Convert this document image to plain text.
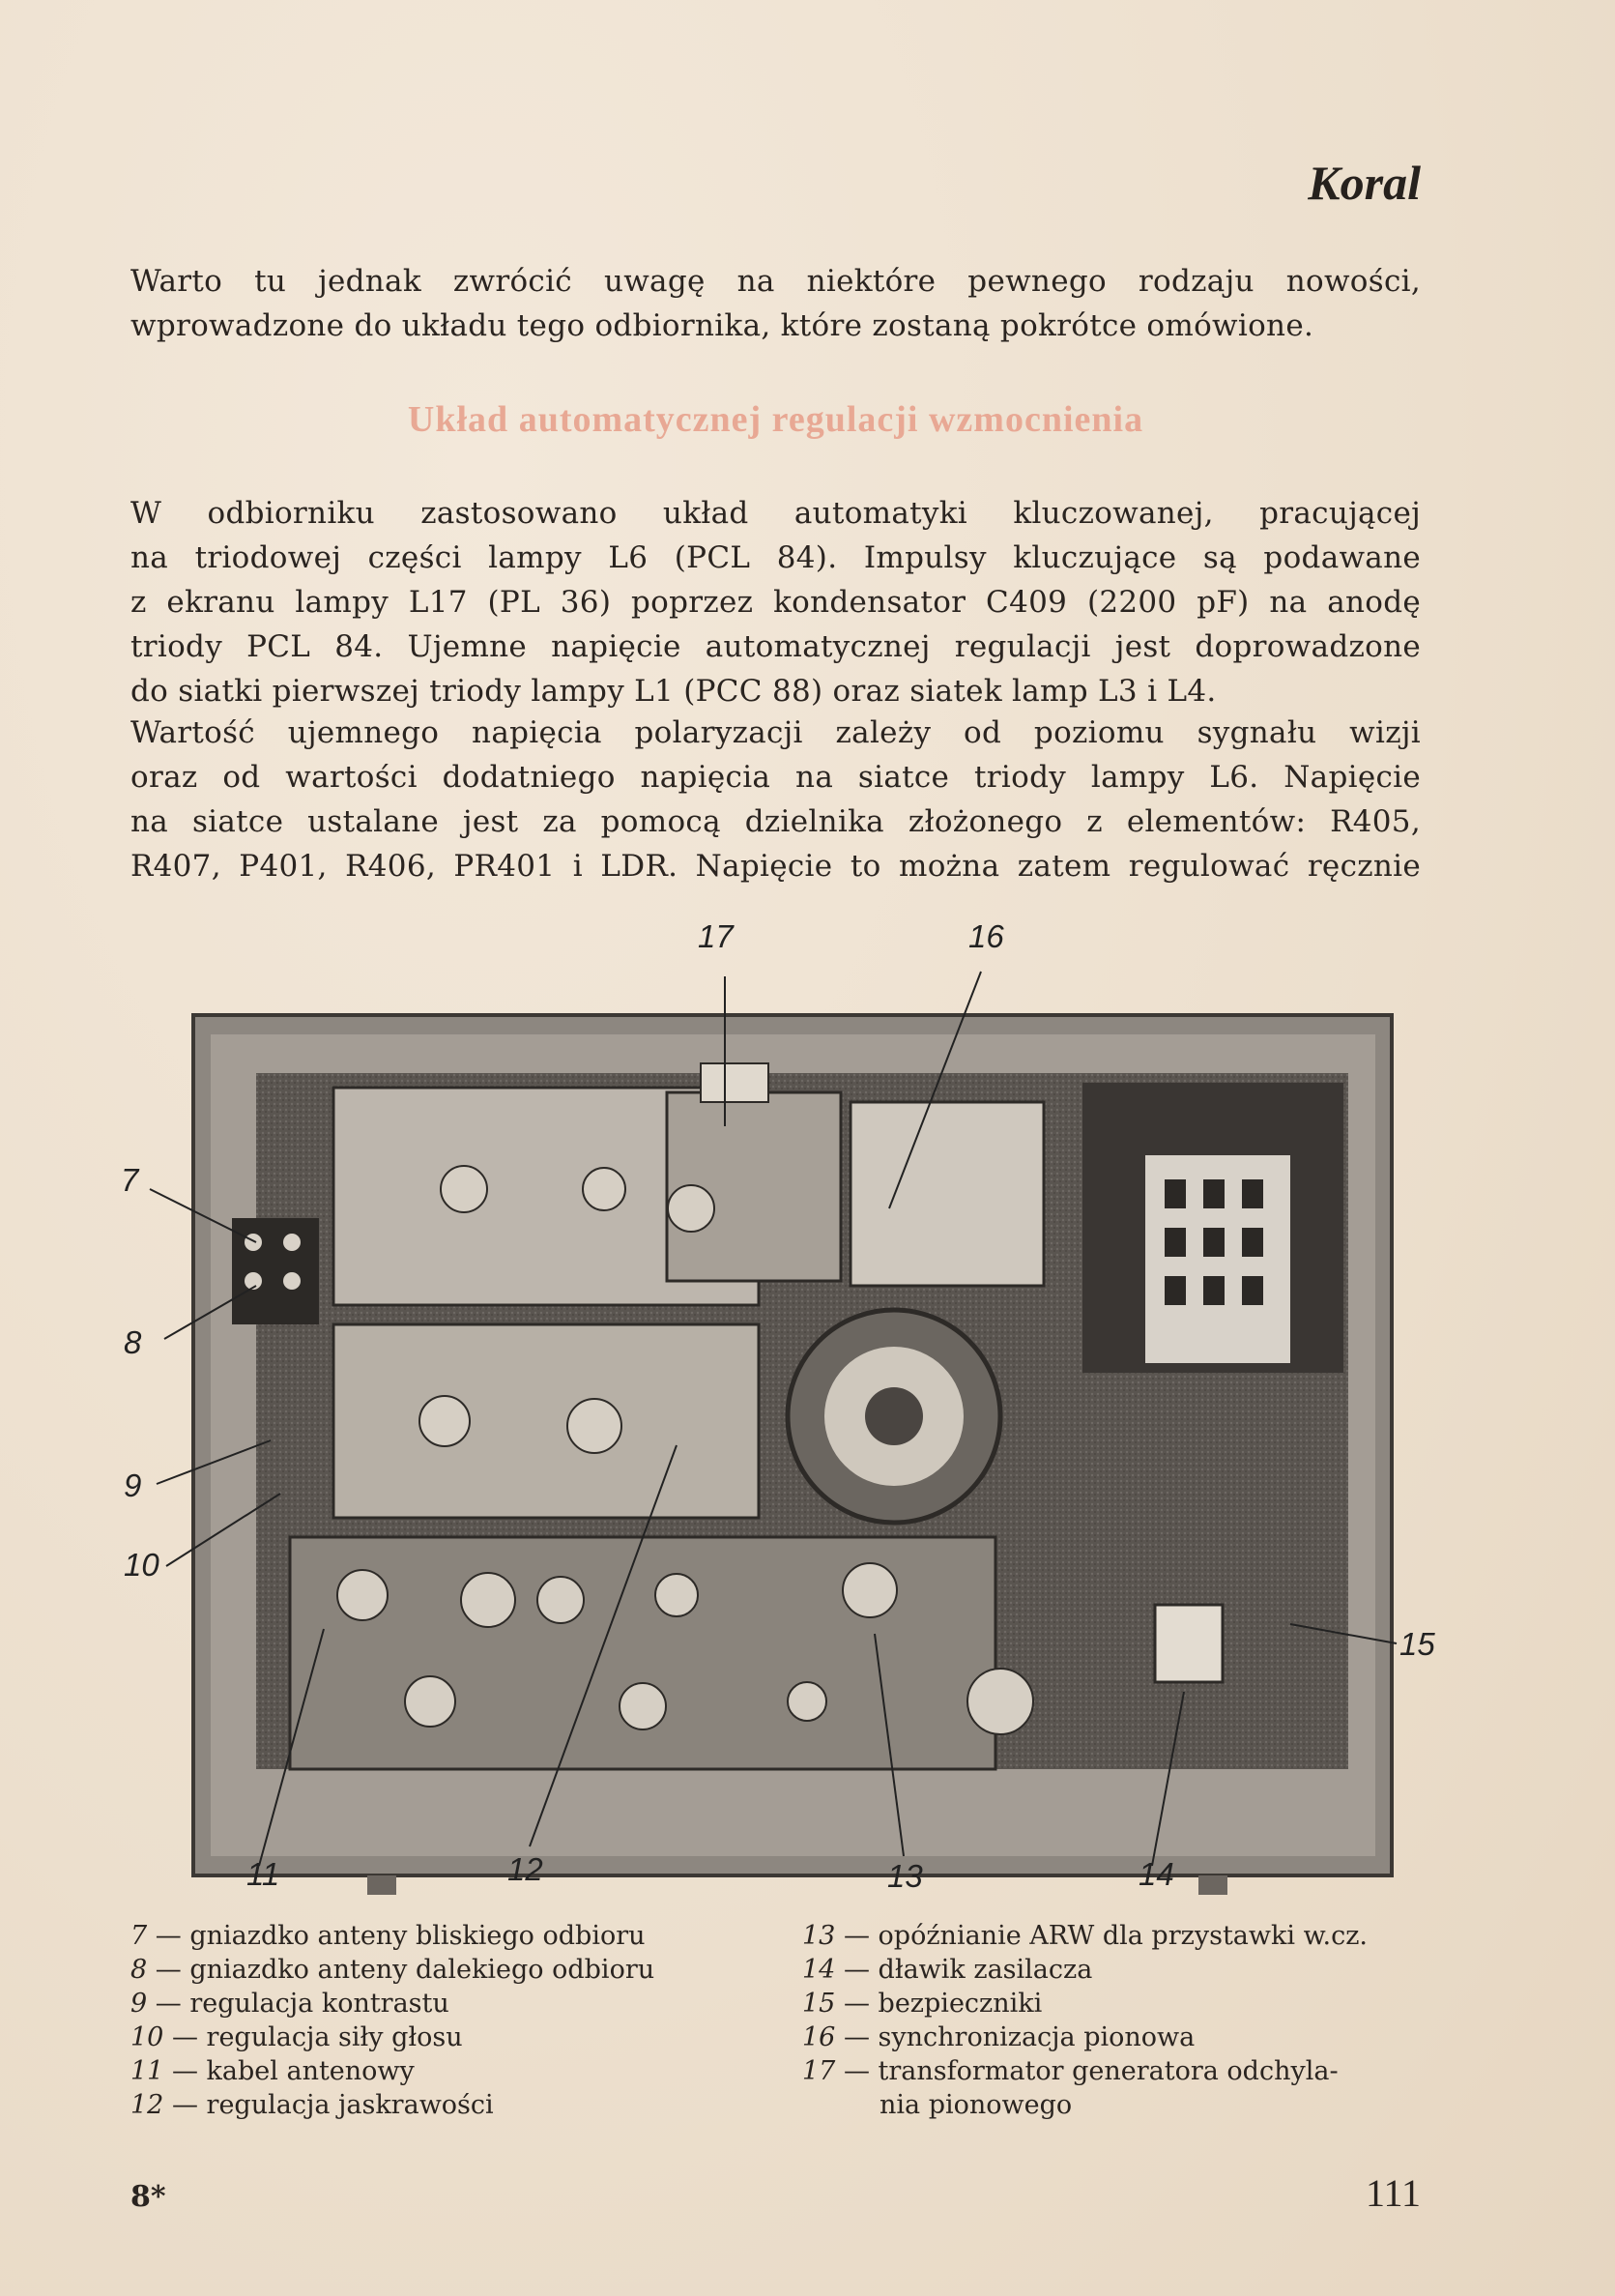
Koral
Warto tu jednak zwrócić uwagę na niektóre pewnego rodzaju nowości,
wprowadzone do układu tego odbiornika, które zostaną pokrótce omówione.
Układ automatycznej regulacji wzmocnienia
W odbiorniku zastosowano układ automatyki kluczowanej, pracującej
na triodowej części lampy L6 (PCL 84). Impulsy kluczujące są podawane
z ekranu lampy L17 (PL 36) poprzez kondensator C409 (2200 pF) na anodę
triody PCL 84. Ujemne napięcie automatycznej regulacji jest doprowadzone
do siatki pierwszej triody lampy L1 (PCC 88) oraz siatek lamp L3 i L4.
Wartość ujemnego napięcia polaryzacji zależy od poziomu sygnału wizji
oraz od wartości dodatniego napięcia na siatce triody lampy L6. Napięcie
na siatce ustalane jest za pomocą dzielnika złożonego z elementów: R405,
R407, P401, R406, PR401 i LDR. Napięcie to można zatem regulować ręcznie
17	16
7
8
9
10
15
11	12	13	14
7 — gniazdko anteny bliskiego odbioru
8 — gniazdko anteny dalekiego odbioru
9 — regulacja kontrastu
10 — regulacja siły głosu
11 — kabel antenowy
12 — regulacja jaskrawości
13 — opóźnianie ARW dla przystawki w.cz.
14 — dławik zasilacza
15 — bezpieczniki
16 — synchronizacja pionowa
17 — transformator generatora odchyla-
nia pionowego
8*	111
